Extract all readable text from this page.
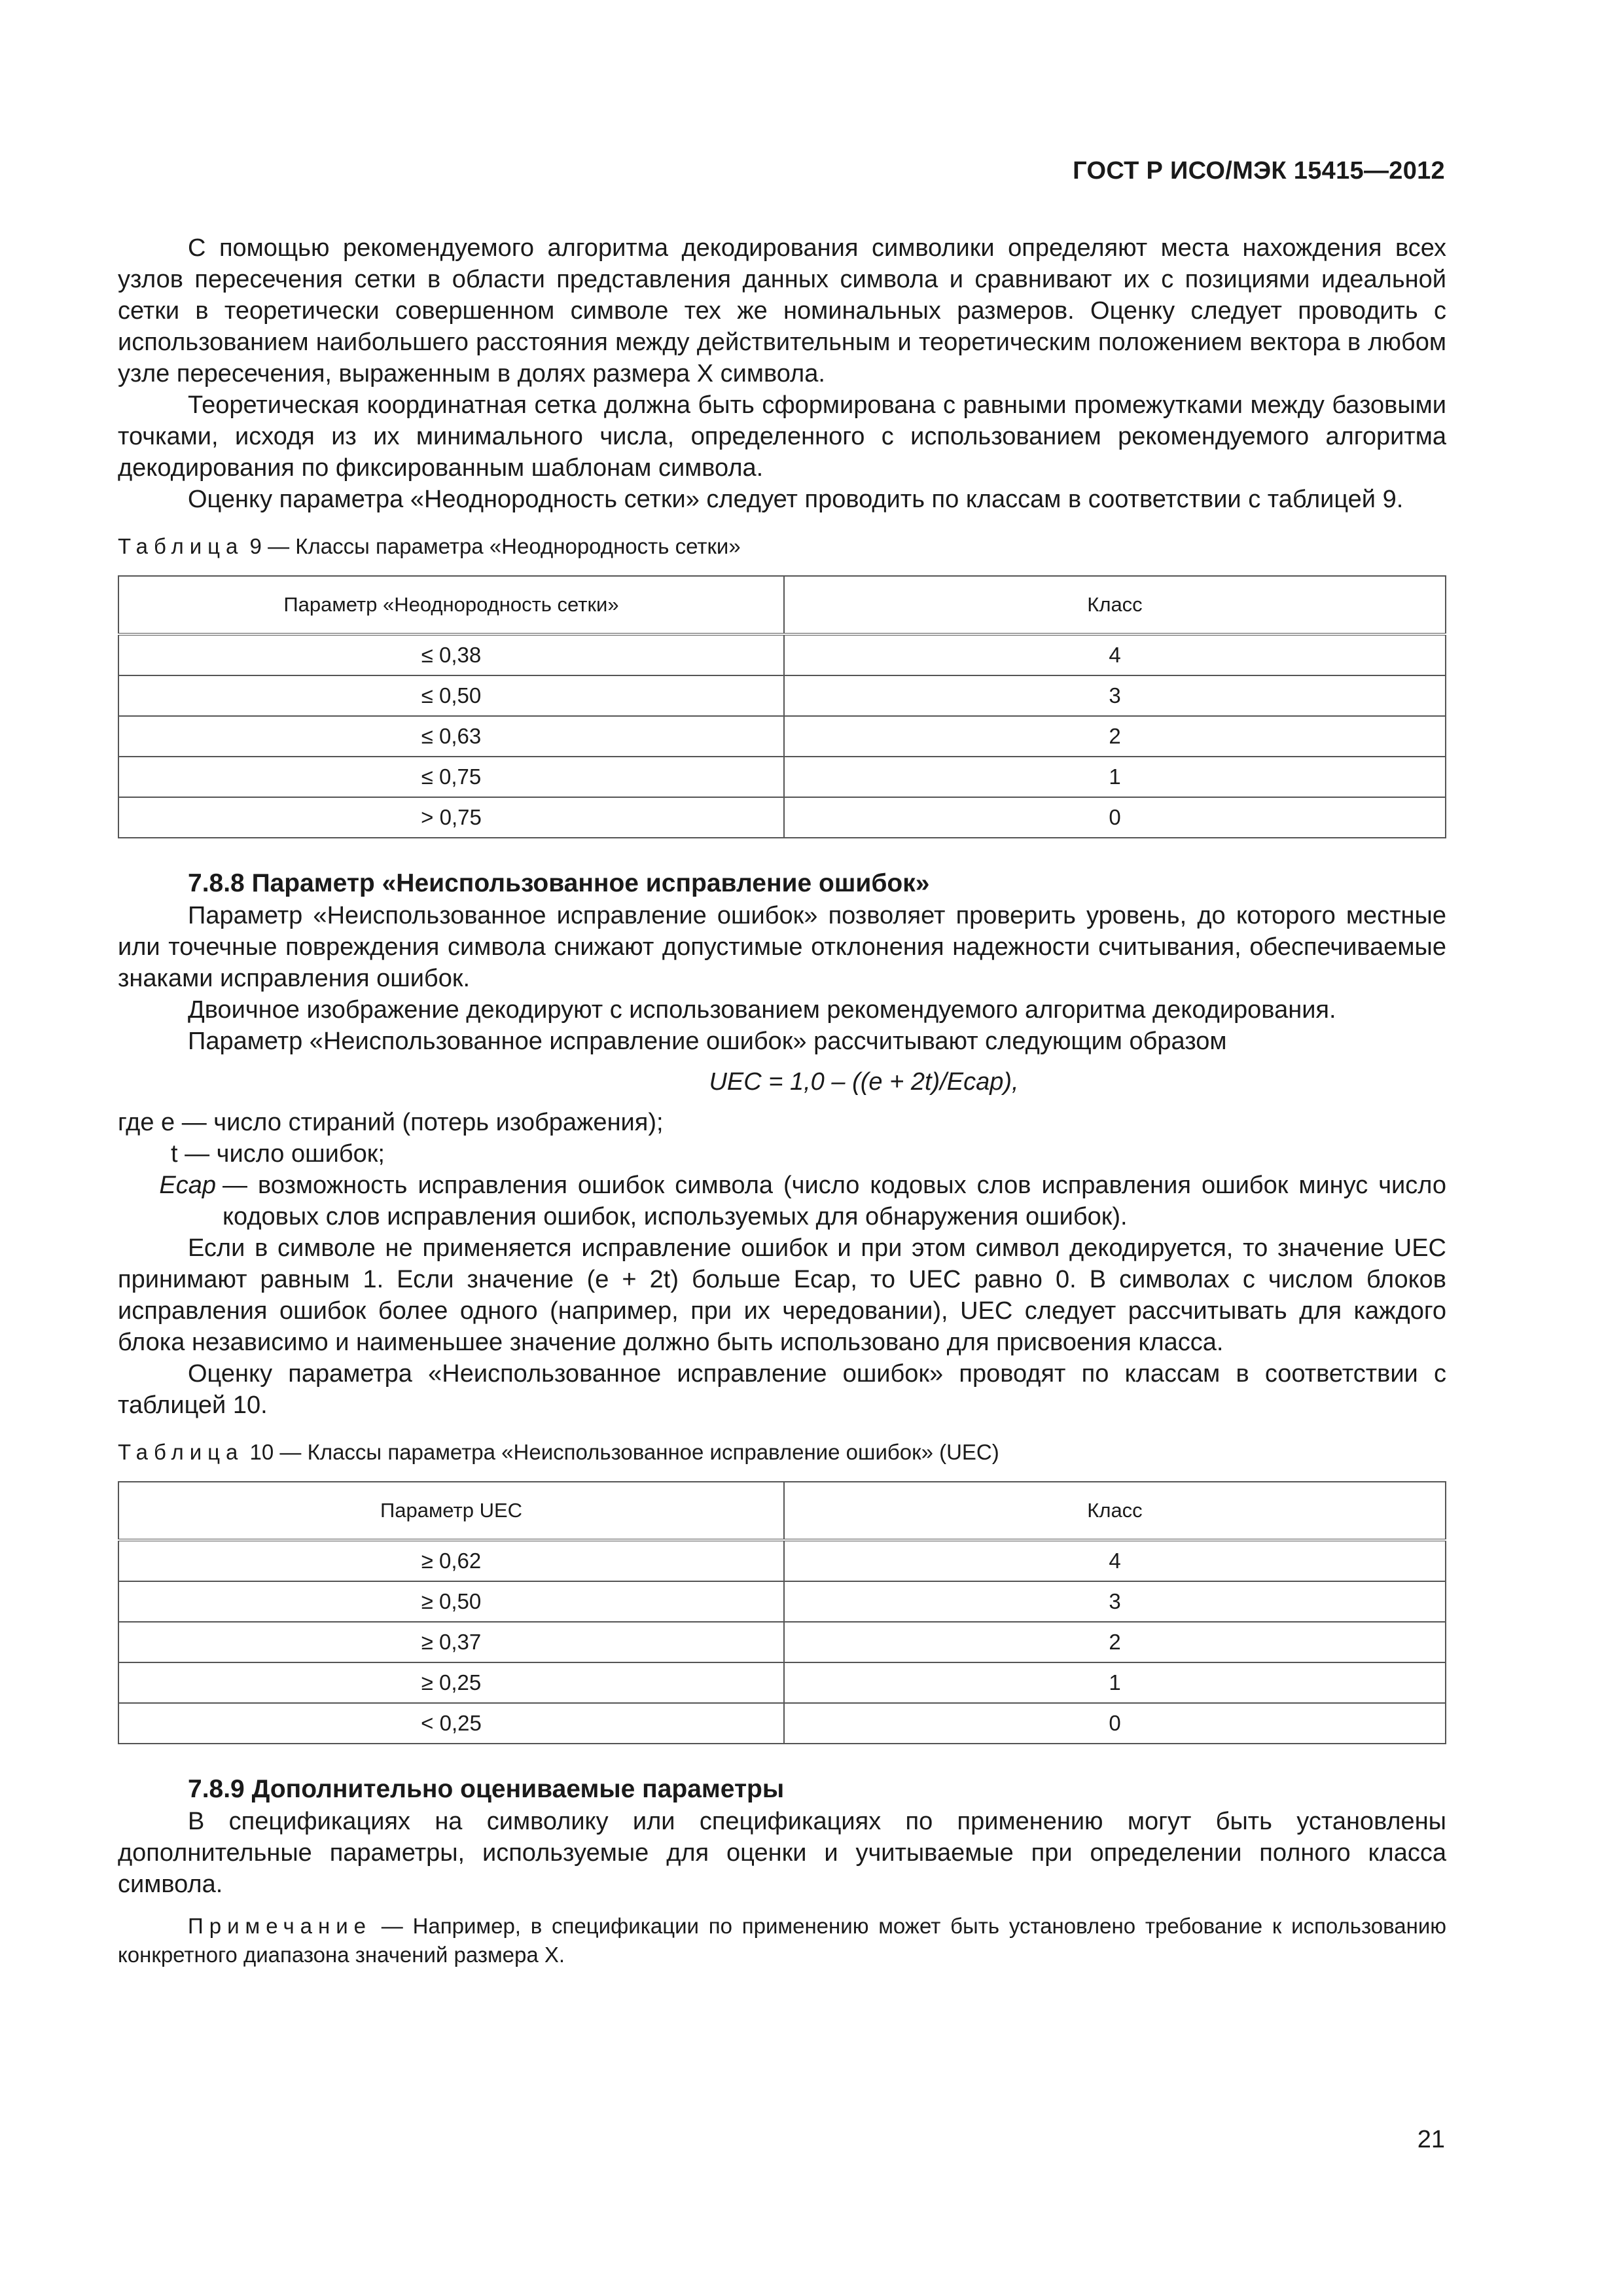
ГОСТ Р ИСО/МЭК 15415—2012

С помощью рекомендуемого алгоритма декодирования символики определяют места нахождения всех узлов пересечения сетки в области представления данных символа и сравнивают их с позициями идеальной сетки в теоретически совершенном символе тех же номинальных размеров. Оценку следует проводить с использованием наибольшего расстояния между действительным и теоретическим положением вектора в любом узле пересечения, выраженным в долях размера X символа.

Теоретическая координатная сетка должна быть сформирована с равными промежутками между базовыми точками, исходя из их минимального числа, определенного с использованием рекомендуемого алгоритма декодирования по фиксированным шаблонам символа.

Оценку параметра «Неоднородность сетки» следует проводить по классам в соответствии с таблицей 9.

Таблица 9 — Классы параметра «Неоднородность сетки»
Параметр «Неоднородность сетки»	Класс
≤ 0,38	4
≤ 0,50	3
≤ 0,63	2
≤ 0,75	1
> 0,75	0
7.8.8 Параметр «Неиспользованное исправление ошибок»

Параметр «Неиспользованное исправление ошибок» позволяет проверить уровень, до которого местные или точечные повреждения символа снижают допустимые отклонения надежности считывания, обеспечиваемые знаками исправления ошибок.

Двоичное изображение декодируют с использованием рекомендуемого алгоритма декодирования.

Параметр «Неиспользованное исправление ошибок» рассчитывают следующим образом

UEC = 1,0 – ((e + 2t)/Ecap),
где e — число стираний (потерь изображения);
t — число ошибок;
Ecap — возможность исправления ошибок символа (число кодовых слов исправления ошибок минус число кодовых слов исправления ошибок, используемых для обнаружения ошибок).

Если в символе не применяется исправление ошибок и при этом символ декодируется, то значение UEC принимают равным 1. Если значение (e + 2t) больше Ecap, то UEC равно 0. В символах с числом блоков исправления ошибок более одного (например, при их чередовании), UEC следует рассчитывать для каждого блока независимо и наименьшее значение должно быть использовано для присвоения класса.

Оценку параметра «Неиспользованное исправление ошибок» проводят по классам в соответствии с таблицей 10.

Таблица 10 — Классы параметра «Неиспользованное исправление ошибок» (UEC)
Параметр UEC	Класс
≥ 0,62	4
≥ 0,50	3
≥ 0,37	2
≥ 0,25	1
< 0,25	0
7.8.9 Дополнительно оцениваемые параметры

В спецификациях на символику или спецификациях по применению могут быть установлены дополнительные параметры, используемые для оценки и учитываемые при определении полного класса символа.

Примечание — Например, в спецификации по применению может быть установлено требование к использованию конкретного диапазона значений размера X.
21
